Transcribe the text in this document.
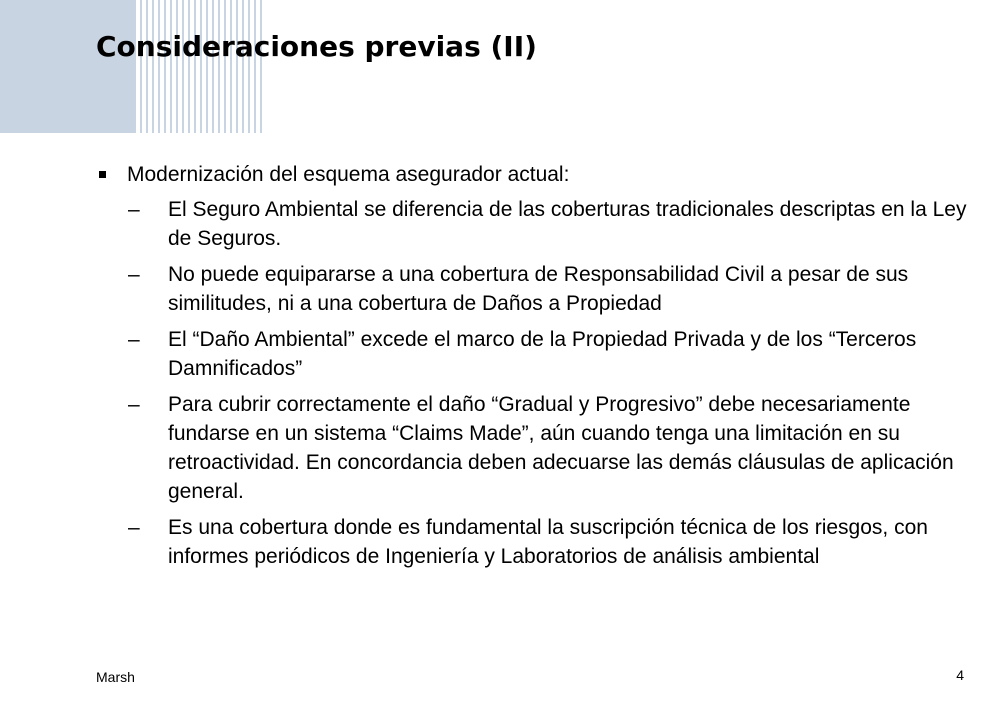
Consideraciones previas (II)
Modernización del esquema asegurador actual:
– El Seguro Ambiental se diferencia de las coberturas tradicionales descriptas en la Ley de Seguros.
– No puede equipararse a una cobertura de Responsabilidad Civil a pesar de sus similitudes, ni a una cobertura de Daños a Propiedad
– El “Daño Ambiental” excede el marco de la Propiedad Privada y de los “Terceros Damnificados”
– Para cubrir correctamente el daño “Gradual y Progresivo” debe necesariamente fundarse en un sistema “Claims Made”, aún cuando tenga una limitación en su retroactividad. En concordancia deben adecuarse las demás cláusulas de aplicación general.
– Es una cobertura donde es fundamental la suscripción técnica de los riesgos, con informes periódicos de Ingeniería y Laboratorios de análisis ambiental
Marsh	4
